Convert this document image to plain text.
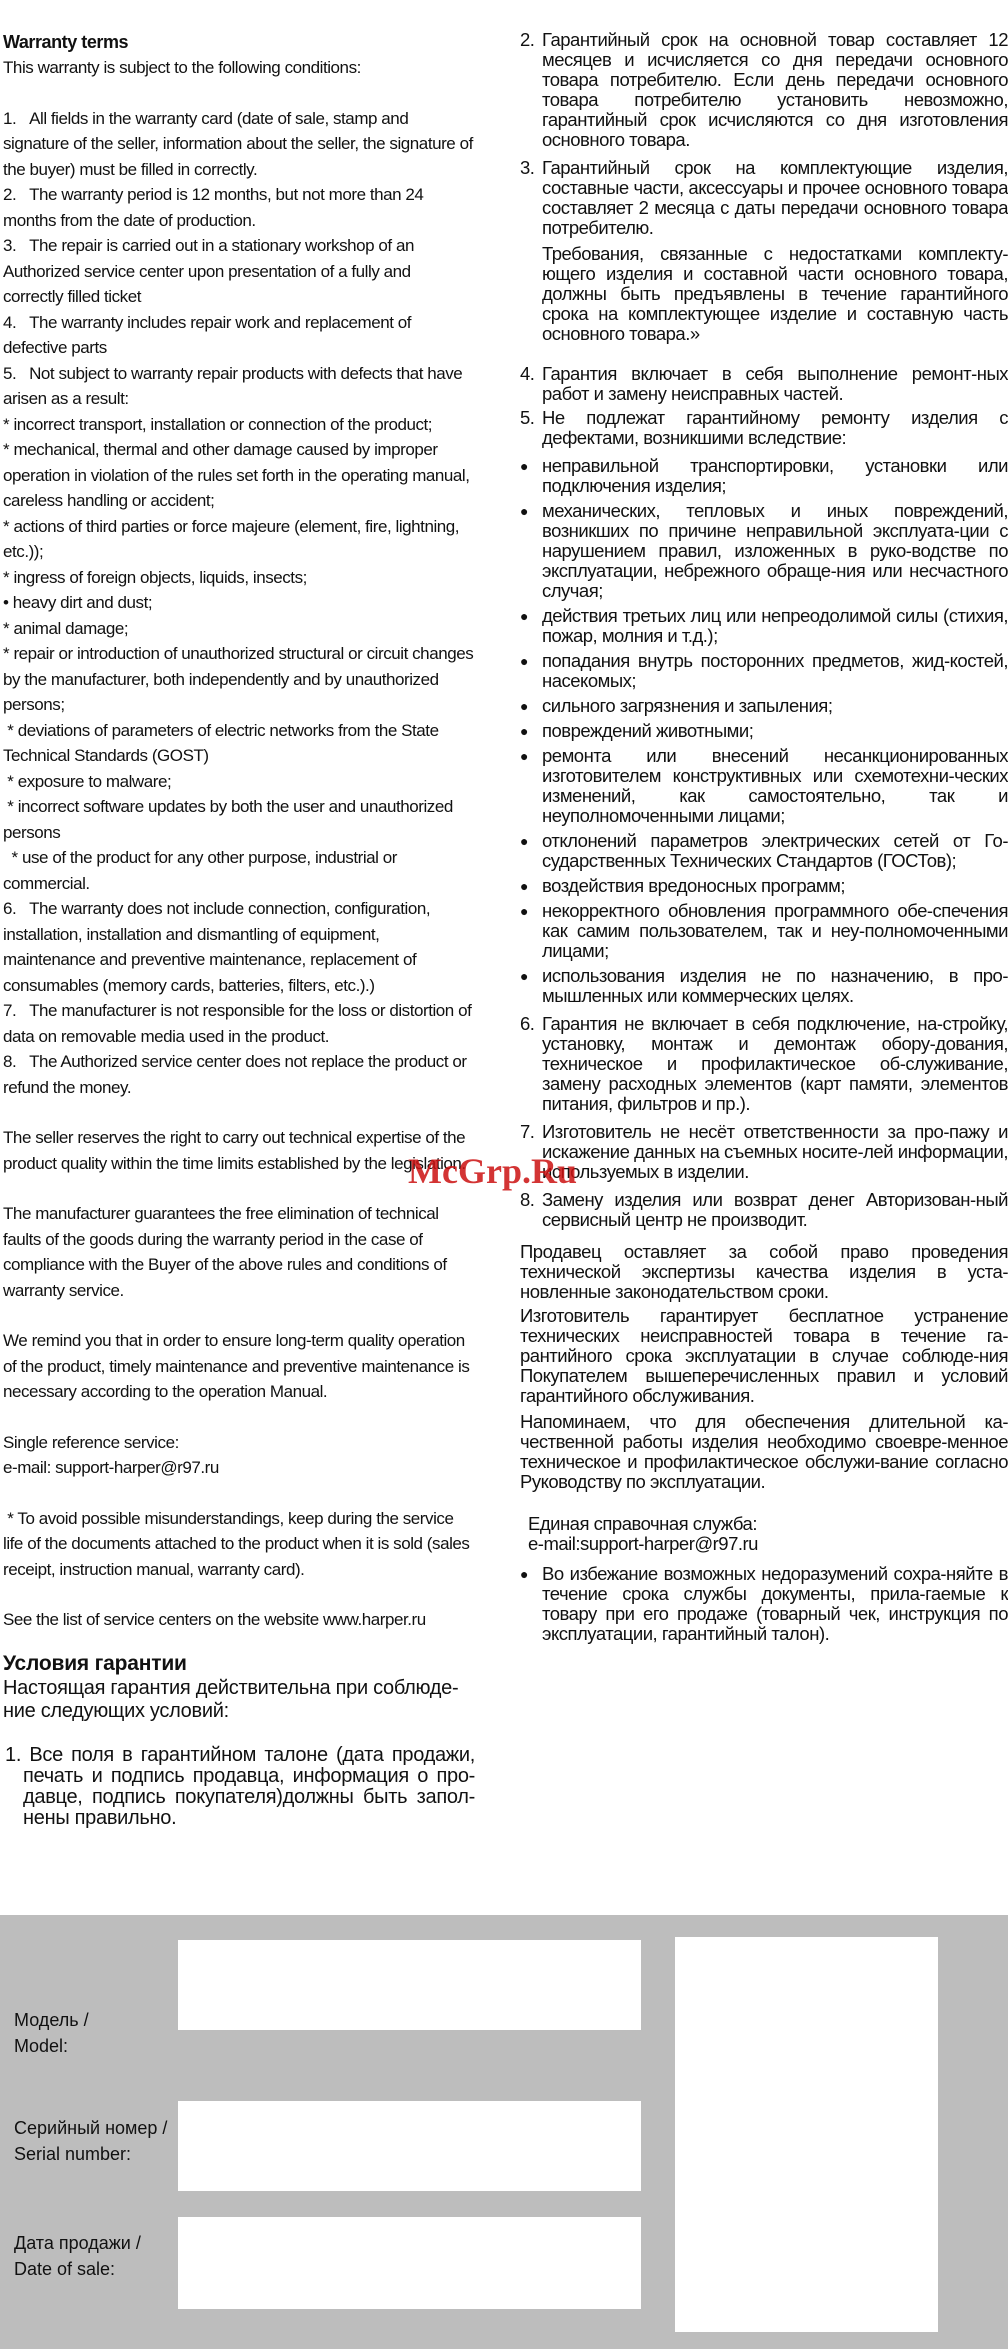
Warranty terms

This warranty is subject to the following conditions:

1.   All fields in the warranty card (date of sale, stamp and signature of the seller, information about the seller, the signature of the buyer) must be filled in correctly.

2.   The warranty period is 12 months, but not more than 24 months from the date of production.

3.   The repair is carried out in a stationary workshop of an Authorized service center upon presentation of a fully and correctly filled ticket

4.   The warranty includes repair work and replacement of defective parts

5.   Not subject to warranty repair products with defects that have arisen as a result:

* incorrect transport, installation or connection of the product;

* mechanical, thermal and other damage caused by improper operation in violation of the rules set forth in the operating manual, careless handling or accident;

* actions of third parties or force majeure (element, fire, lightning, etc.));

* ingress of foreign objects, liquids, insects;

• heavy dirt and dust;

* animal damage;

* repair or introduction of unauthorized structural or circuit changes by the manufacturer, both independently and by unauthorized persons;

* deviations of parameters of electric networks from the State Technical Standards (GOST)

* exposure to malware;

* incorrect software updates by both the user and unauthorized persons

* use of the product for any other purpose, industrial or commercial.

6.   The warranty does not include connection, configuration, installation, installation and dismantling of equipment, maintenance and preventive maintenance, replacement of consumables (memory cards, batteries, filters, etc.).)

7.   The manufacturer is not responsible for the loss or distortion of data on removable media used in the product.

8.   The Authorized service center does not replace the product or refund the money.

The seller reserves the right to carry out technical expertise of the product quality within the time limits established by the legislation.

The manufacturer guarantees the free elimination of technical faults of the goods during the warranty period in the case of compliance with the Buyer of the above rules and conditions of warranty service.

We remind you that in order to ensure long-term quality operation of the product, timely maintenance and preventive maintenance is necessary according to the operation Manual.

Single reference service:

e-mail: support-harper@r97.ru

* To avoid possible misunderstandings, keep during the service life of the documents attached to the product when it is sold (sales receipt, instruction manual, warranty card).

See the list of service centers on the website www.harper.ru

Условия гарантии

Настоящая гарантия действительна при соблюде-ние следующих условий:

1. Все поля в гарантийном талоне (дата продажи, печать и подпись продавца, информация о про-давце, подпись покупателя)должны быть запол-нены правильно.

2. Гарантийный срок на основной товар составляет 12 месяцев и исчисляется со дня передачи основного товара потребителю. Если день передачи основного товара потребителю установить невозможно, гарантийный срок исчисляются со дня изготовления основного товара.
3. Гарантийный срок на комплектующие изделия, составные части, аксессуары и прочее основного товара составляет 2 месяца с даты передачи основного товара потребителю.

Требования, связанные с недостатками комплекту-ющего изделия и составной части основного товара, должны быть предъявлены в течение гарантийного срока на комплектующее изделие и составную часть основного товара.»

4. Гарантия включает в себя выполнение ремонт-ных работ и замену неисправных частей.
5. Не подлежат гарантийному ремонту изделия с дефектами, возникшими вследствие:
● неправильной транспортировки, установки или подключения изделия;
● механических, тепловых и иных повреждений, возникших по причине неправильной эксплуата-ции с нарушением правил, изложенных в руко-водстве по эксплуатации, небрежного обраще-ния или несчастного случая;
● действия третьих лиц или непреодолимой силы (стихия, пожар, молния и т.д.);
● попадания внутрь посторонних предметов, жид-костей, насекомых;
● сильного загрязнения и запыления;
● повреждений животными;
● ремонта или внесений несанкционированных изготовителем конструктивных или схемотехни-ческих изменений, как самостоятельно, так и неуполномоченными лицами;
● отклонений параметров электрических сетей от Го-сударственных Технических Стандартов (ГОСТов);
● воздействия вредоносных программ;
● некорректного обновления программного обе-спечения как самим пользователем, так и неу-полномоченными лицами;
● использования изделия не по назначению, в про-мышленных или коммерческих целях.
6. Гарантия не включает в себя подключение, на-стройку, установку, монтаж и демонтаж обору-дования, техническое и профилактическое об-служивание, замену расходных элементов (карт памяти, элементов питания, фильтров и пр.).
7. Изготовитель не несёт ответственности за про-пажу и искажение данных на съемных носите-лей информации, используемых в изделии.
8. Замену изделия или возврат денег Авторизован-ный сервисный центр не производит.

Продавец оставляет за собой право проведения технической экспертизы качества изделия в уста-новленные законодательством сроки.

Изготовитель гарантирует бесплатное устранение технических неисправностей товара в течение га-рантийного срока эксплуатации в случае соблюде-ния Покупателем вышеперечисленных правил и условий гарантийного обслуживания.

Напоминаем, что для обеспечения длительной ка-чественной работы изделия необходимо своевре-менное техническое и профилактическое обслужи-вание согласно Руководству по эксплуатации.

Единая справочная служба:

e-mail:support-harper@r97.ru

● Во избежание возможных недоразумений сохра-няйте в течение срока службы документы, прила-гаемые к товару при его продаже (товарный чек, инструкция по эксплуатации, гарантийный талон).
McGrp.Ru
Модель /
Model:
Серийный номер /
Serial number:
Дата продажи /
Date of sale:
